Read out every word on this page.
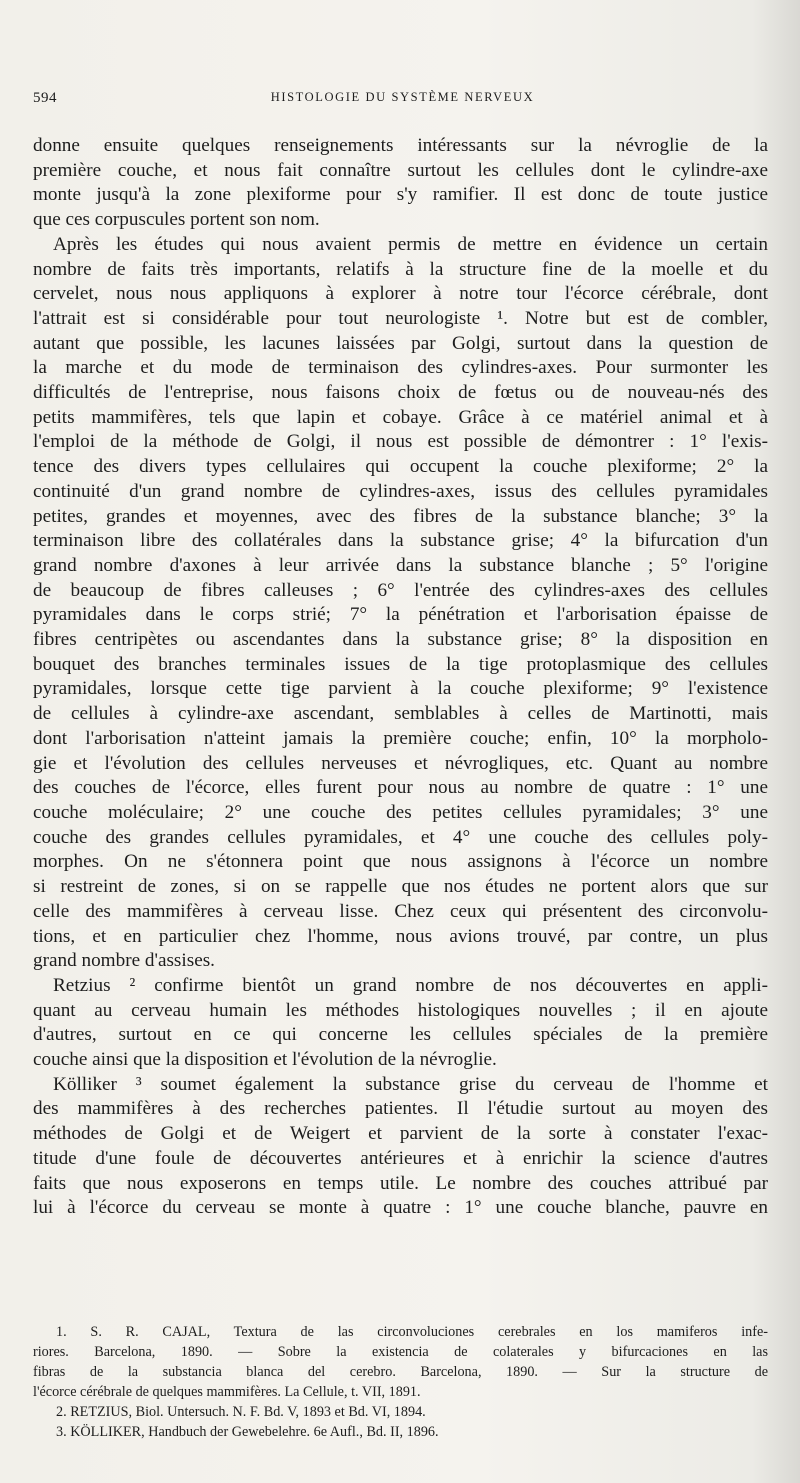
594	HISTOLOGIE DU SYSTÈME NERVEUX
donne ensuite quelques renseignements intéressants sur la névroglie de la
première couche, et nous fait connaître surtout les cellules dont le cylindre-axe
monte jusqu'à la zone plexiforme pour s'y ramifier. Il est donc de toute justice
que ces corpuscules portent son nom.
Après les études qui nous avaient permis de mettre en évidence un certain
nombre de faits très importants, relatifs à la structure fine de la moelle et du
cervelet, nous nous appliquons à explorer à notre tour l'écorce cérébrale, dont
l'attrait est si considérable pour tout neurologiste ¹. Notre but est de combler,
autant que possible, les lacunes laissées par Golgi, surtout dans la question de
la marche et du mode de terminaison des cylindres-axes. Pour surmonter les
difficultés de l'entreprise, nous faisons choix de fœtus ou de nouveau-nés des
petits mammifères, tels que lapin et cobaye. Grâce à ce matériel animal et à
l'emploi de la méthode de Golgi, il nous est possible de démontrer : 1° l'exis-
tence des divers types cellulaires qui occupent la couche plexiforme; 2° la
continuité d'un grand nombre de cylindres-axes, issus des cellules pyramidales
petites, grandes et moyennes, avec des fibres de la substance blanche; 3° la
terminaison libre des collatérales dans la substance grise; 4° la bifurcation d'un
grand nombre d'axones à leur arrivée dans la substance blanche ; 5° l'origine
de beaucoup de fibres calleuses ; 6° l'entrée des cylindres-axes des cellules
pyramidales dans le corps strié; 7° la pénétration et l'arborisation épaisse de
fibres centripètes ou ascendantes dans la substance grise; 8° la disposition en
bouquet des branches terminales issues de la tige protoplasmique des cellules
pyramidales, lorsque cette tige parvient à la couche plexiforme; 9° l'existence
de cellules à cylindre-axe ascendant, semblables à celles de Martinotti, mais
dont l'arborisation n'atteint jamais la première couche; enfin, 10° la morpholo-
gie et l'évolution des cellules nerveuses et névrogliques, etc. Quant au nombre
des couches de l'écorce, elles furent pour nous au nombre de quatre : 1° une
couche moléculaire; 2° une couche des petites cellules pyramidales; 3° une
couche des grandes cellules pyramidales, et 4° une couche des cellules poly-
morphes. On ne s'étonnera point que nous assignons à l'écorce un nombre
si restreint de zones, si on se rappelle que nos études ne portent alors que sur
celle des mammifères à cerveau lisse. Chez ceux qui présentent des circonvolu-
tions, et en particulier chez l'homme, nous avions trouvé, par contre, un plus
grand nombre d'assises.
Retzius ² confirme bientôt un grand nombre de nos découvertes en appli-
quant au cerveau humain les méthodes histologiques nouvelles ; il en ajoute
d'autres, surtout en ce qui concerne les cellules spéciales de la première
couche ainsi que la disposition et l'évolution de la névroglie.
Kölliker ³ soumet également la substance grise du cerveau de l'homme et
des mammifères à des recherches patientes. Il l'étudie surtout au moyen des
méthodes de Golgi et de Weigert et parvient de la sorte à constater l'exac-
titude d'une foule de découvertes antérieures et à enrichir la science d'autres
faits que nous exposerons en temps utile. Le nombre des couches attribué par
lui à l'écorce du cerveau se monte à quatre : 1° une couche blanche, pauvre en
1. S. R. CAJAL, Textura de las circonvoluciones cerebrales en los mamiferos infe-
riores. Barcelona, 1890. — Sobre la existencia de colaterales y bifurcaciones en las
fibras de la substancia blanca del cerebro. Barcelona, 1890. — Sur la structure de
l'écorce cérébrale de quelques mammifères. La Cellule, t. VII, 1891.
2. RETZIUS, Biol. Untersuch. N. F. Bd. V, 1893 et Bd. VI, 1894.
3. KÖLLIKER, Handbuch der Gewebelehre. 6e Aufl., Bd. II, 1896.
